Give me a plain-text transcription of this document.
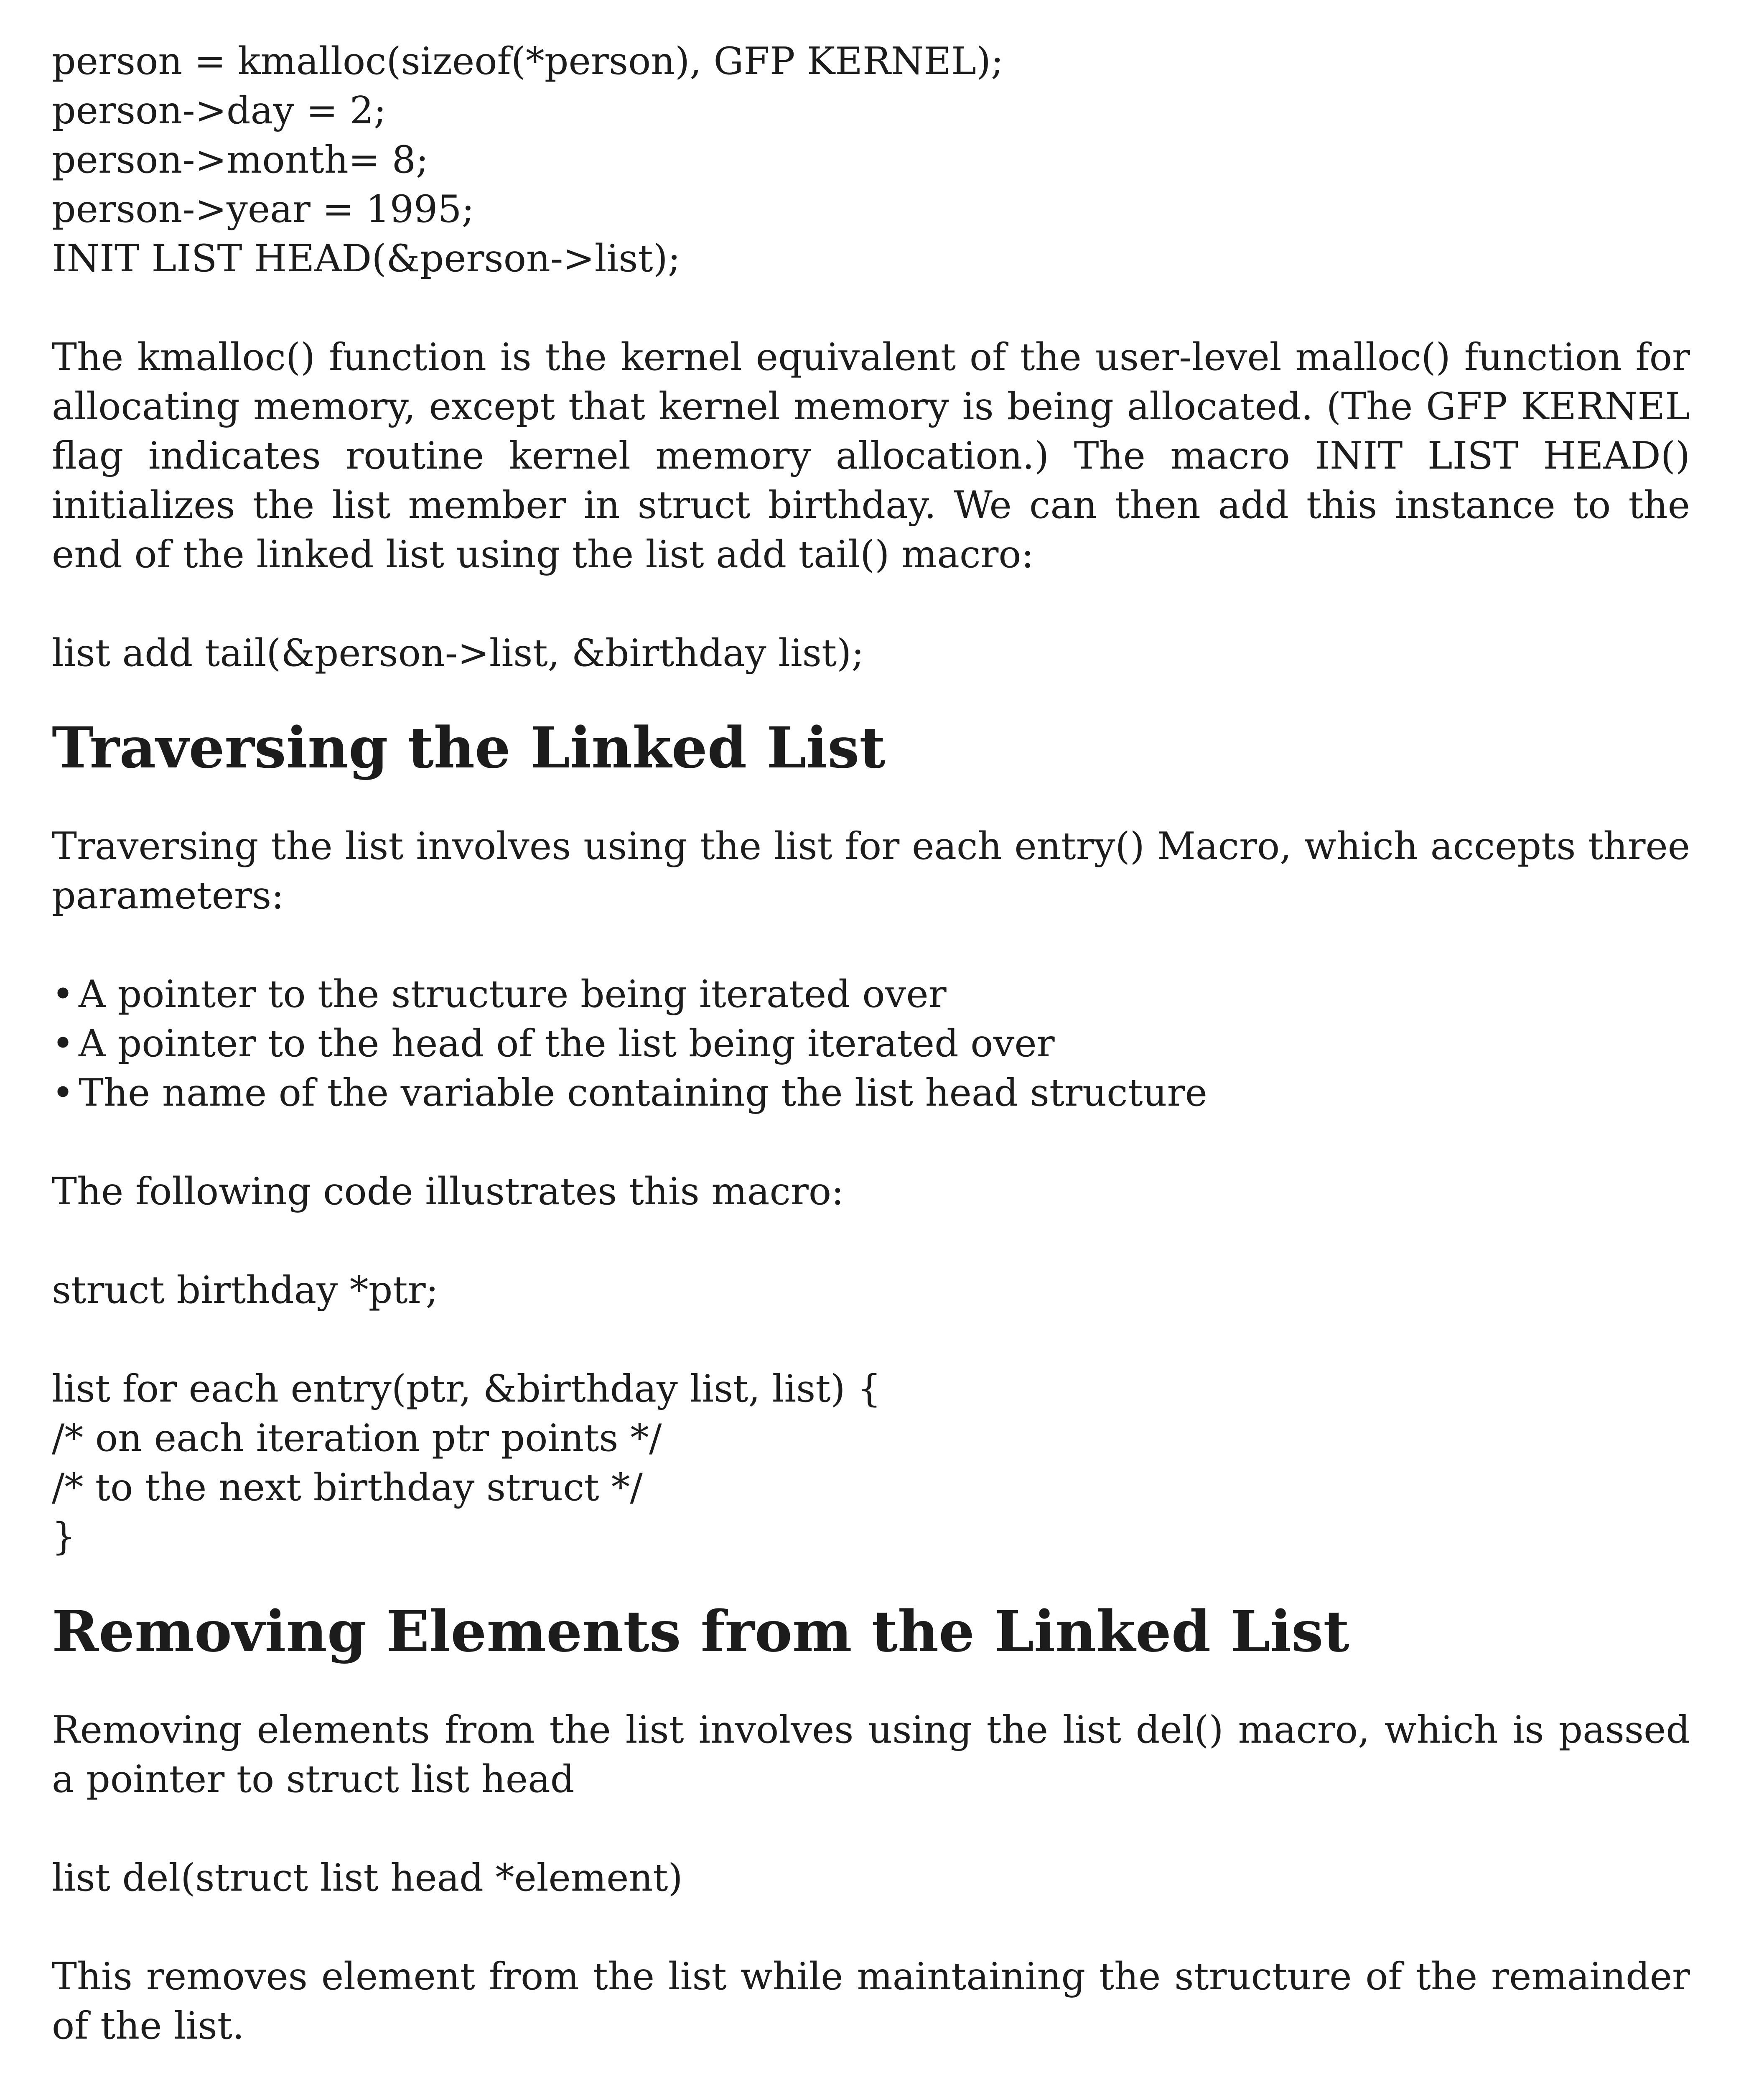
person = kmalloc(sizeof(*person), GFP KERNEL);
person->day = 2;
person->month= 8;
person->year = 1995;
INIT LIST HEAD(&person->list);

The kmalloc() function is the kernel equivalent of the user-level malloc() function for allocating memory, except that kernel memory is being allocated. (The GFP KERNEL flag indicates routine kernel memory allocation.) The macro INIT LIST HEAD() initializes the list member in struct birthday. We can then add this instance to the end of the linked list using the list add tail() macro:

list add tail(&person->list, &birthday list);
Traversing the Linked List

Traversing the list involves using the list for each entry() Macro, which accepts three parameters:

• A pointer to the structure being iterated over
• A pointer to the head of the list being iterated over
• The name of the variable containing the list head structure

The following code illustrates this macro:

struct birthday *ptr;
list for each entry(ptr, &birthday list, list) {
/* on each iteration ptr points */
/* to the next birthday struct */
}
Removing Elements from the Linked List

Removing elements from the list involves using the list del() macro, which is passed a pointer to struct list head

list del(struct list head *element)

This removes element from the list while maintaining the structure of the remainder of the list.
